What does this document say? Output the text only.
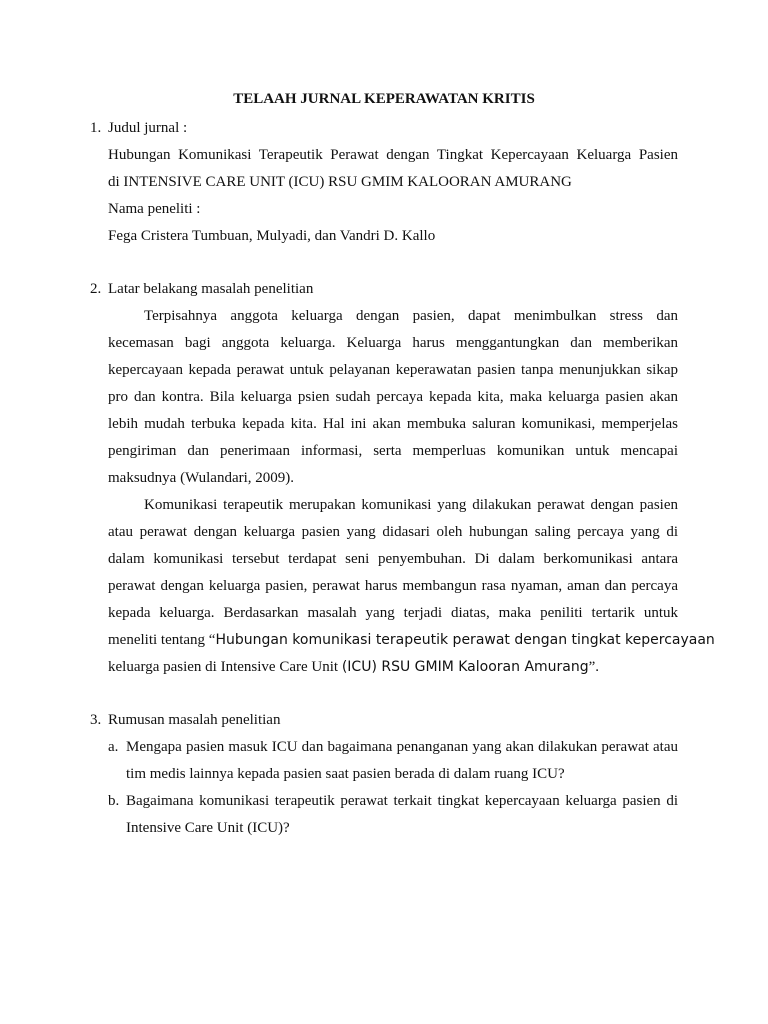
TELAAH JURNAL KEPERAWATAN KRITIS
1. Judul jurnal :
Hubungan Komunikasi Terapeutik Perawat dengan Tingkat Kepercayaan Keluarga Pasien
di INTENSIVE CARE UNIT (ICU) RSU GMIM KALOORAN AMURANG
Nama peneliti :
Fega Cristera Tumbuan, Mulyadi, dan Vandri D. Kallo
2. Latar belakang masalah penelitian
Terpisahnya anggota keluarga dengan pasien, dapat menimbulkan stress dan
kecemasan bagi anggota keluarga. Keluarga harus menggantungkan dan memberikan
kepercayaan kepada perawat untuk pelayanan keperawatan pasien tanpa menunjukkan sikap
pro dan kontra. Bila keluarga psien sudah percaya kepada kita, maka keluarga pasien akan
lebih mudah terbuka kepada kita. Hal ini akan membuka saluran komunikasi, memperjelas
pengiriman dan penerimaan informasi, serta memperluas komunikan untuk mencapai
maksudnya (Wulandari, 2009).
Komunikasi terapeutik merupakan komunikasi yang dilakukan perawat dengan pasien
atau perawat dengan keluarga pasien yang didasari oleh hubungan saling percaya yang di
dalam komunikasi tersebut terdapat seni penyembuhan. Di dalam berkomunikasi antara
perawat dengan keluarga pasien, perawat harus membangun rasa nyaman, aman dan percaya
kepada keluarga. Berdasarkan masalah yang terjadi diatas, maka peniliti tertarik untuk
meneliti tentang “Hubungan komunikasi terapeutik perawat dengan tingkat kepercayaan
keluarga pasien di Intensive Care Unit (ICU) RSU GMIM Kalooran Amurang”.
3. Rumusan masalah penelitian
a. Mengapa pasien masuk ICU dan bagaimana penanganan yang akan dilakukan perawat atau
tim medis lainnya kepada pasien saat pasien berada di dalam ruang ICU?
b. Bagaimana komunikasi terapeutik perawat terkait tingkat kepercayaan keluarga pasien di
Intensive Care Unit (ICU)?
